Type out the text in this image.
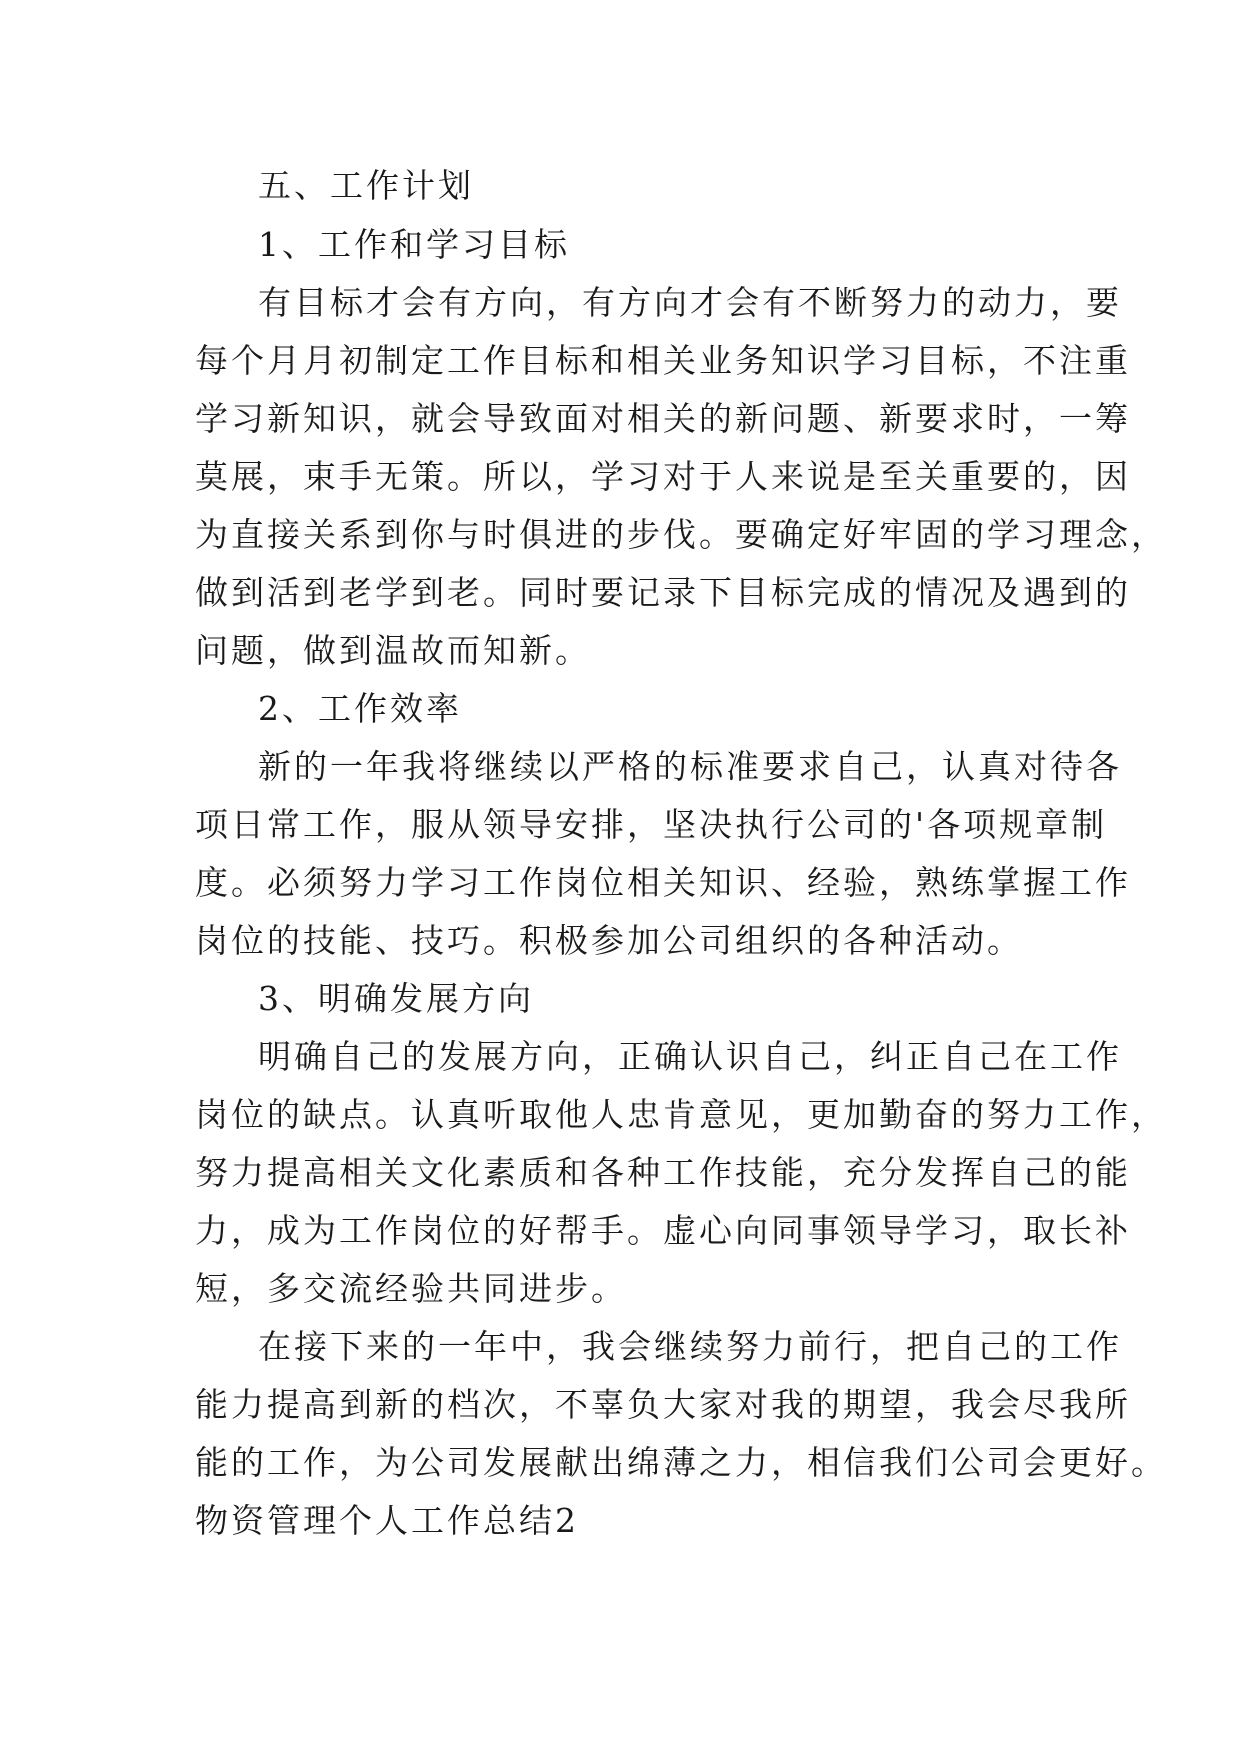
五、工作计划
1、工作和学习目标
有目标才会有方向，有方向才会有不断努力的动力，要
每个月月初制定工作目标和相关业务知识学习目标，不注重
学习新知识，就会导致面对相关的新问题、新要求时，一筹
莫展，束手无策。所以，学习对于人来说是至关重要的，因
为直接关系到你与时俱进的步伐。要确定好牢固的学习理念，
做到活到老学到老。同时要记录下目标完成的情况及遇到的
问题，做到温故而知新。
2、工作效率
新的一年我将继续以严格的标准要求自己，认真对待各
项日常工作，服从领导安排，坚决执行公司的'各项规章制
度。必须努力学习工作岗位相关知识、经验，熟练掌握工作
岗位的技能、技巧。积极参加公司组织的各种活动。
3、明确发展方向
明确自己的发展方向，正确认识自己，纠正自己在工作
岗位的缺点。认真听取他人忠肯意见，更加勤奋的努力工作，
努力提高相关文化素质和各种工作技能，充分发挥自己的能
力，成为工作岗位的好帮手。虚心向同事领导学习，取长补
短，多交流经验共同进步。
在接下来的一年中，我会继续努力前行，把自己的工作
能力提高到新的档次，不辜负大家对我的期望，我会尽我所
能的工作，为公司发展献出绵薄之力，相信我们公司会更好。
物资管理个人工作总结2
